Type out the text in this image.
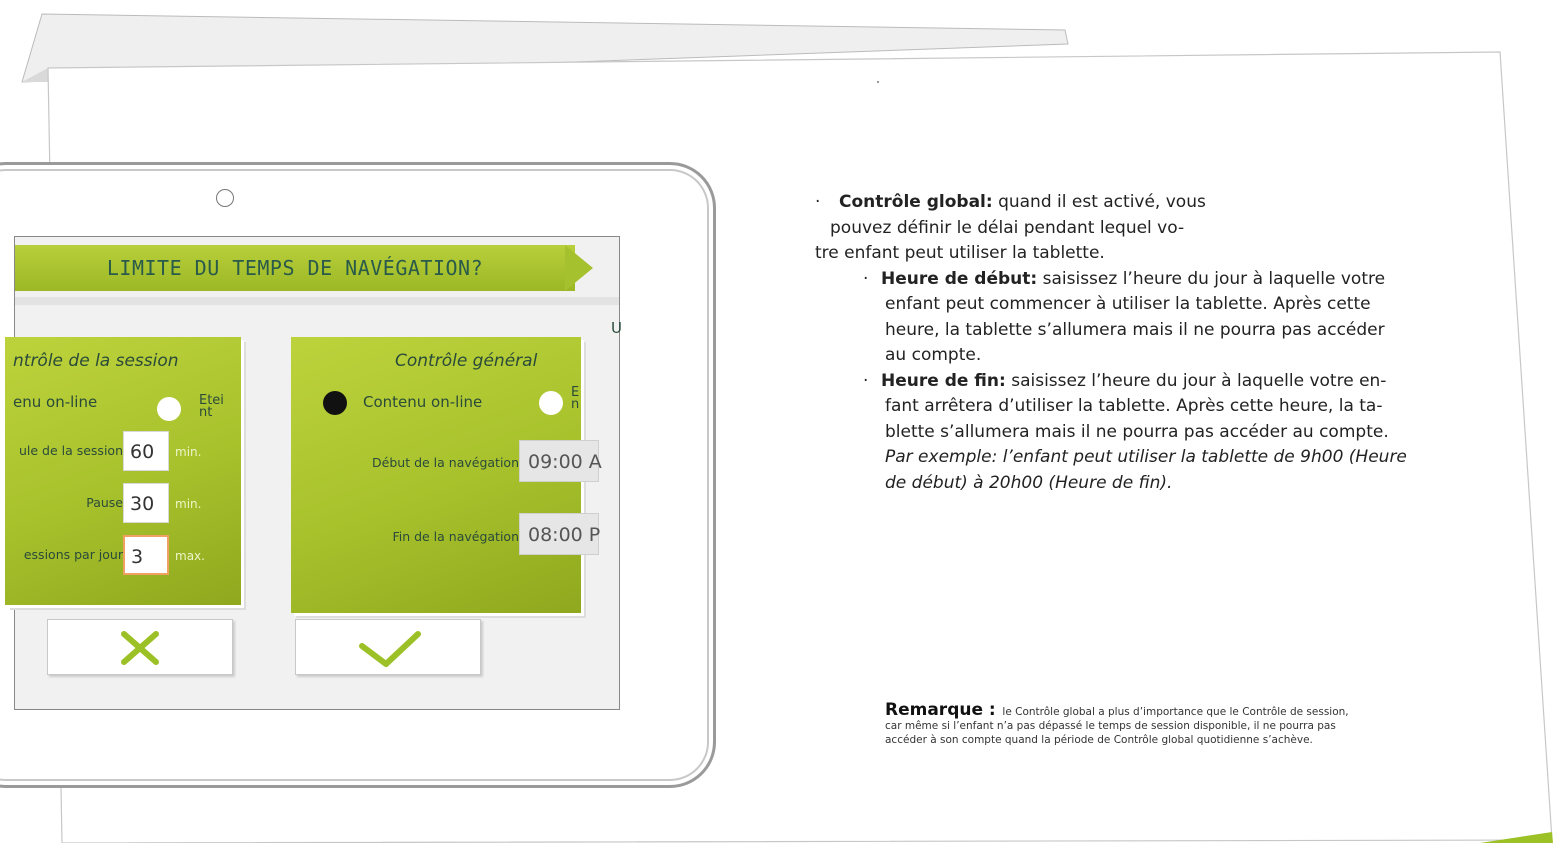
LIMITE DU TEMPS DE NAVÉGATION?
U
ntrôle de la session
enu on-line	Etei nt
ule de la session 60	min.
Pause 30	min.
essions par jour 3	max.
Contrôle général
Contenu on-line
E n
Début de la navégation 09:00 A
Fin de la navégation 08:00 P
·	Contrôle global: quand il est activé, vous

pouvez définir le délai pendant lequel vo-

tre enfant peut utiliser la tablette.

· Heure de début: saisissez l’heure du jour à laquelle votre

enfant peut commencer à utiliser la tablette. Après cette

heure, la tablette s’allumera mais il ne pourra pas accéder

au compte.

· Heure de fin: saisissez l’heure du jour à laquelle votre en-

fant arrêtera d’utiliser la tablette. Après cette heure, la ta-

blette s’allumera mais il ne pourra pas accéder au compte.

Par exemple: l’enfant peut utiliser la tablette de 9h00 (Heure

de début) à 20h00 (Heure de fin).

Remarque : le Contrôle global a plus d’importance que le Contrôle de session,
car même si l’enfant n’a pas dépassé le temps de session disponible, il ne pourra pas
accéder à son compte quand la période de Contrôle global quotidienne s’achève.
